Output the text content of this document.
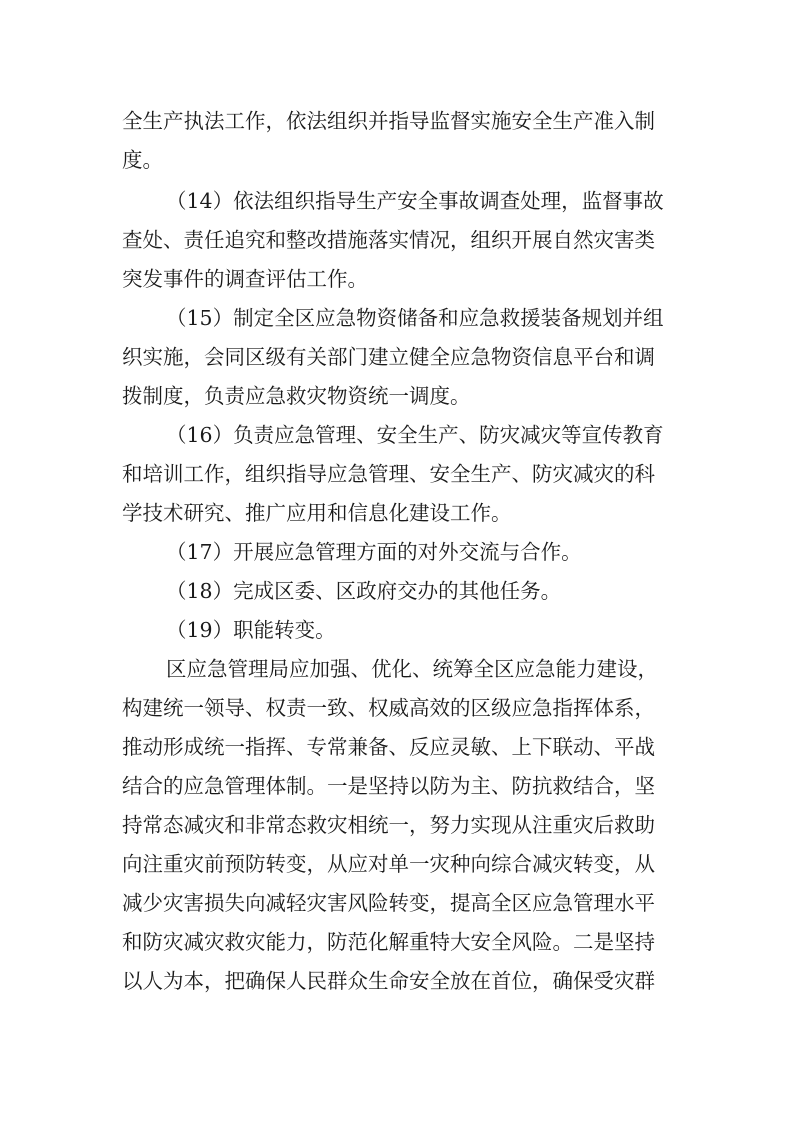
全生产执法工作，依法组织并指导监督实施安全生产准入制
度。
（14）依法组织指导生产安全事故调查处理，监督事故
查处、责任追究和整改措施落实情况，组织开展自然灾害类
突发事件的调查评估工作。
（15）制定全区应急物资储备和应急救援装备规划并组
织实施，会同区级有关部门建立健全应急物资信息平台和调
拨制度，负责应急救灾物资统一调度。
（16）负责应急管理、安全生产、防灾减灾等宣传教育
和培训工作，组织指导应急管理、安全生产、防灾减灾的科
学技术研究、推广应用和信息化建设工作。
（17）开展应急管理方面的对外交流与合作。
（18）完成区委、区政府交办的其他任务。
（19）职能转变。
区应急管理局应加强、优化、统筹全区应急能力建设，
构建统一领导、权责一致、权威高效的区级应急指挥体系，
推动形成统一指挥、专常兼备、反应灵敏、上下联动、平战
结合的应急管理体制。一是坚持以防为主、防抗救结合，坚
持常态减灾和非常态救灾相统一，努力实现从注重灾后救助
向注重灾前预防转变，从应对单一灾种向综合减灾转变，从
减少灾害损失向减轻灾害风险转变，提高全区应急管理水平
和防灾减灾救灾能力，防范化解重特大安全风险。二是坚持
以人为本，把确保人民群众生命安全放在首位，确保受灾群
